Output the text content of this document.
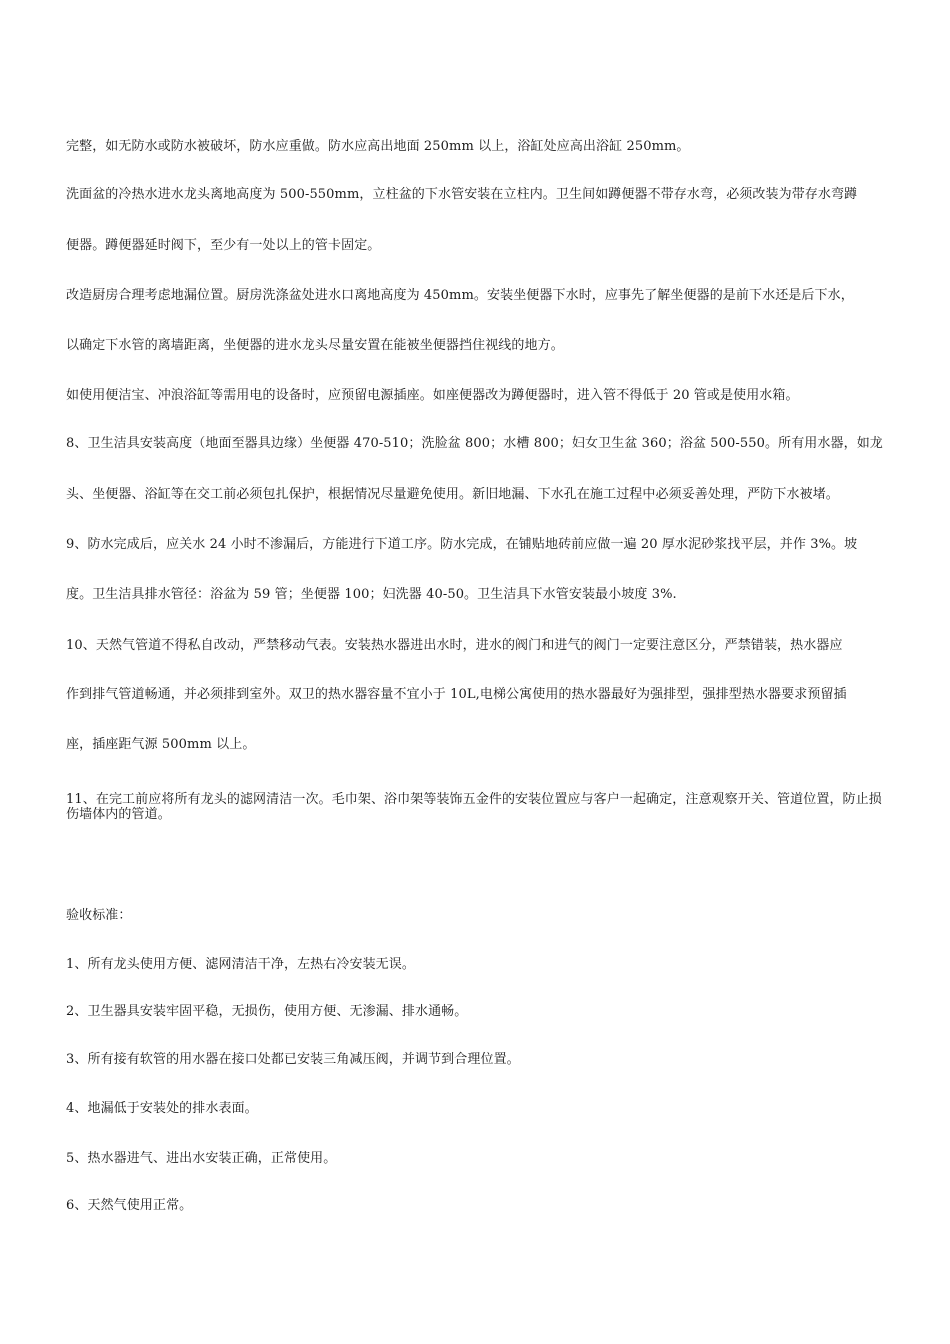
完整，如无防水或防水被破坏，防水应重做。防水应高出地面 250mm 以上，浴缸处应高出浴缸 250mm。
洗面盆的冷热水进水龙头离地高度为 500-550mm，立柱盆的下水管安装在立柱内。卫生间如蹲便器不带存水弯，必须改装为带存水弯蹲
便器。蹲便器延时阀下，至少有一处以上的管卡固定。
改造厨房合理考虑地漏位置。厨房洗涤盆处进水口离地高度为 450mm。安装坐便器下水时，应事先了解坐便器的是前下水还是后下水，
以确定下水管的离墙距离，坐便器的进水龙头尽量安置在能被坐便器挡住视线的地方。
如使用便洁宝、冲浪浴缸等需用电的设备时，应预留电源插座。如座便器改为蹲便器时，进入管不得低于 20 管或是使用水箱。
8、卫生洁具安装高度（地面至器具边缘）坐便器 470-510；洗脸盆 800；水槽 800；妇女卫生盆 360；浴盆 500-550。所有用水器，如龙
头、坐便器、浴缸等在交工前必须包扎保护，根据情况尽量避免使用。新旧地漏、下水孔在施工过程中必须妥善处理，严防下水被堵。
9、防水完成后，应关水 24 小时不渗漏后，方能进行下道工序。防水完成，在铺贴地砖前应做一遍 20 厚水泥砂浆找平层，并作 3%。坡
度。卫生洁具排水管径：浴盆为 59 管；坐便器 100；妇洗器 40-50。卫生洁具下水管安装最小坡度 3%.
10、天然气管道不得私自改动，严禁移动气表。安装热水器进出水时，进水的阀门和进气的阀门一定要注意区分，严禁错装，热水器应
作到排气管道畅通，并必须排到室外。双卫的热水器容量不宜小于 10L,电梯公寓使用的热水器最好为强排型，强排型热水器要求预留插
座，插座距气源 500mm 以上。
11、在完工前应将所有龙头的滤网清洁一次。毛巾架、浴巾架等装饰五金件的安装位置应与客户一起确定，注意观察开关、管道位置，防止损伤墙体内的管道。
验收标准：
1、所有龙头使用方便、滤网清洁干净，左热右冷安装无误。
2、卫生器具安装牢固平稳，无损伤，使用方便、无渗漏、排水通畅。
3、所有接有软管的用水器在接口处都已安装三角减压阀，并调节到合理位置。
4、地漏低于安装处的排水表面。
5、热水器进气、进出水安装正确，正常使用。
6、天然气使用正常。
